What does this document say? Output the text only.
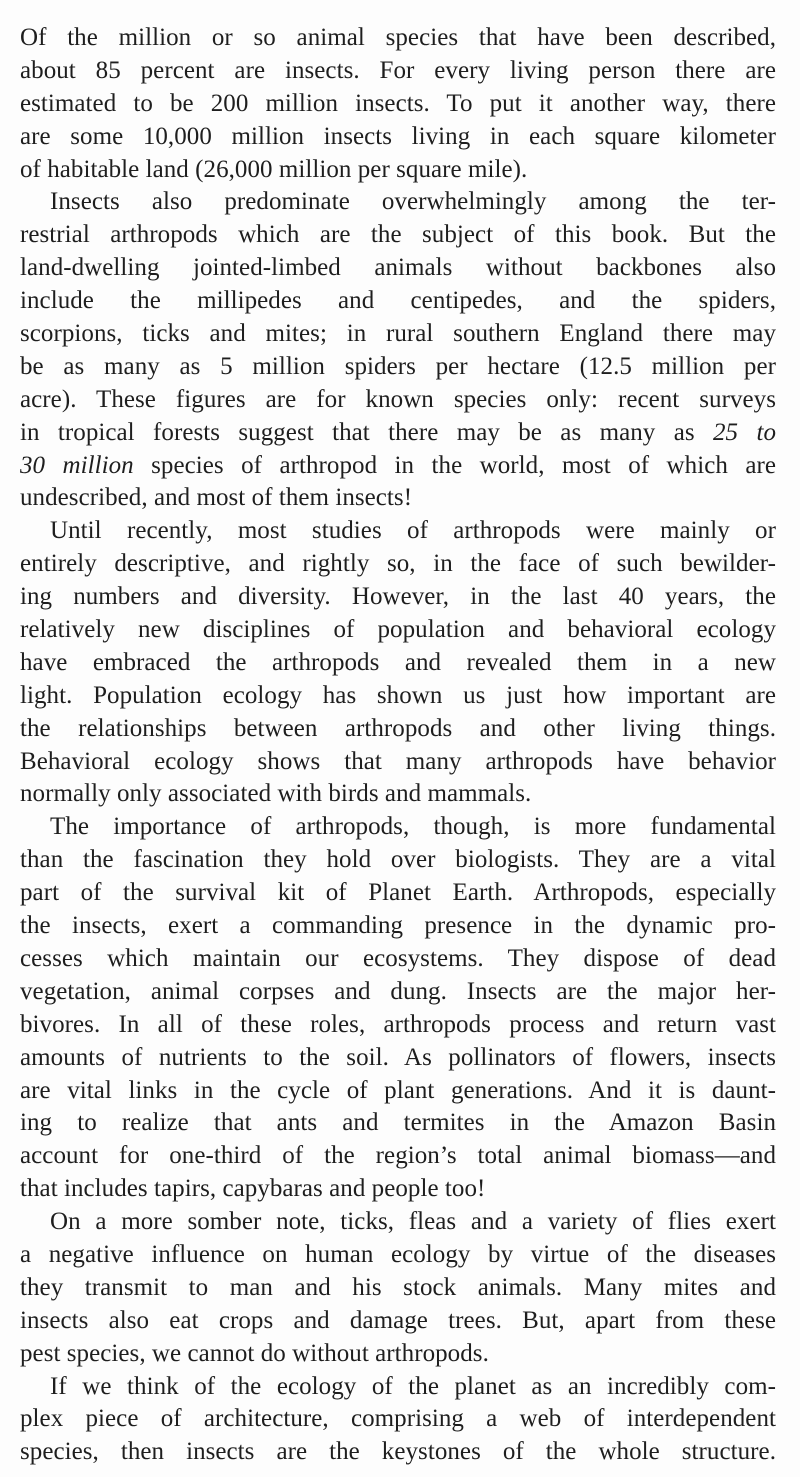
Of the million or so animal species that have been described,
about 85 percent are insects. For every living person there are
estimated to be 200 million insects. To put it another way, there
are some 10,000 million insects living in each square kilometer
of habitable land (26,000 million per square mile).
Insects also predominate overwhelmingly among the ter-
restrial arthropods which are the subject of this book. But the
land-dwelling jointed-limbed animals without backbones also
include the millipedes and centipedes, and the spiders,
scorpions, ticks and mites; in rural southern England there may
be as many as 5 million spiders per hectare (12.5 million per
acre). These figures are for known species only: recent surveys
in tropical forests suggest that there may be as many as 25 to
30 million species of arthropod in the world, most of which are
undescribed, and most of them insects!
Until recently, most studies of arthropods were mainly or
entirely descriptive, and rightly so, in the face of such bewilder-
ing numbers and diversity. However, in the last 40 years, the
relatively new disciplines of population and behavioral ecology
have embraced the arthropods and revealed them in a new
light. Population ecology has shown us just how important are
the relationships between arthropods and other living things.
Behavioral ecology shows that many arthropods have behavior
normally only associated with birds and mammals.
The importance of arthropods, though, is more fundamental
than the fascination they hold over biologists. They are a vital
part of the survival kit of Planet Earth. Arthropods, especially
the insects, exert a commanding presence in the dynamic pro-
cesses which maintain our ecosystems. They dispose of dead
vegetation, animal corpses and dung. Insects are the major her-
bivores. In all of these roles, arthropods process and return vast
amounts of nutrients to the soil. As pollinators of flowers, insects
are vital links in the cycle of plant generations. And it is daunt-
ing to realize that ants and termites in the Amazon Basin
account for one-third of the region’s total animal biomass—and
that includes tapirs, capybaras and people too!
On a more somber note, ticks, fleas and a variety of flies exert
a negative influence on human ecology by virtue of the diseases
they transmit to man and his stock animals. Many mites and
insects also eat crops and damage trees. But, apart from these
pest species, we cannot do without arthropods.
If we think of the ecology of the planet as an incredibly com-
plex piece of architecture, comprising a web of interdependent
species, then insects are the keystones of the whole structure.
